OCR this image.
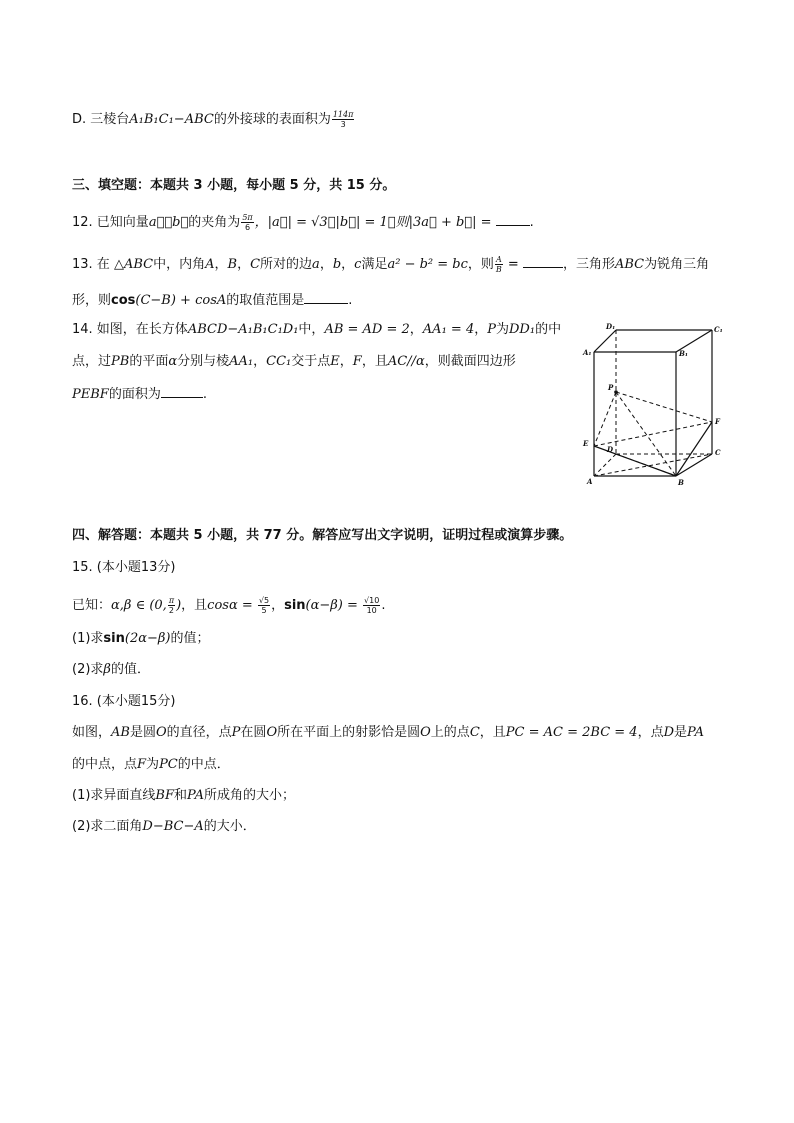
D. 三棱台A₁B₁C₁−ABC的外接球的表面积为 $\frac{114\pi}{3}$
三、填空题：本题共 3 小题，每小题 5 分，共 15 分。
12. 已知向量a⃗，b⃗的夹角为 $\frac{5\pi}{6}$ ，|a⃗| = √3，|b⃗| = 1，则|3a⃗ + b⃗| =	.
13. 在 △ABC中，内角A，B，C所对的边a，b，c满足a² − b² = bc，则 $\frac{A}{B}$ =	，三角形ABC为锐角三角
形，则cos(C−B) + cosA的取值范围是	.
14. 如图，在长方体ABCD−A₁B₁C₁D₁中，AB = AD = 2，AA₁ = 4，P为DD₁的中
点，过PB的平面α分别与棱AA₁，CC₁交于点E，F，且AC//α，则截面四边形
PEBF的面积为	.
D₁	C₁
A₁	B₁
P
F
E
D	C
A	B
四、解答题：本题共 5 小题，共 77 分。解答应写出文字说明，证明过程或演算步骤。
15. (本小题13分)
已知：α,β ∈ (0, $\frac{\pi}{2}$ )，且$\cos\alpha = \frac{√5}{5}$ ，$\sin(\alpha-\beta) = \frac{√10}{10}$ .
(1)求sin(2α−β)的值；
(2)求β的值．
16. (本小题15分)
如图，AB是圆O的直径，点P在圆O所在平面上的射影恰是圆O上的点C，且PC = AC = 2BC = 4，点D是PA
的中点，点F为PC的中点．
(1)求异面直线BF和PA所成角的大小；
(2)求二面角D−BC−A的大小．
